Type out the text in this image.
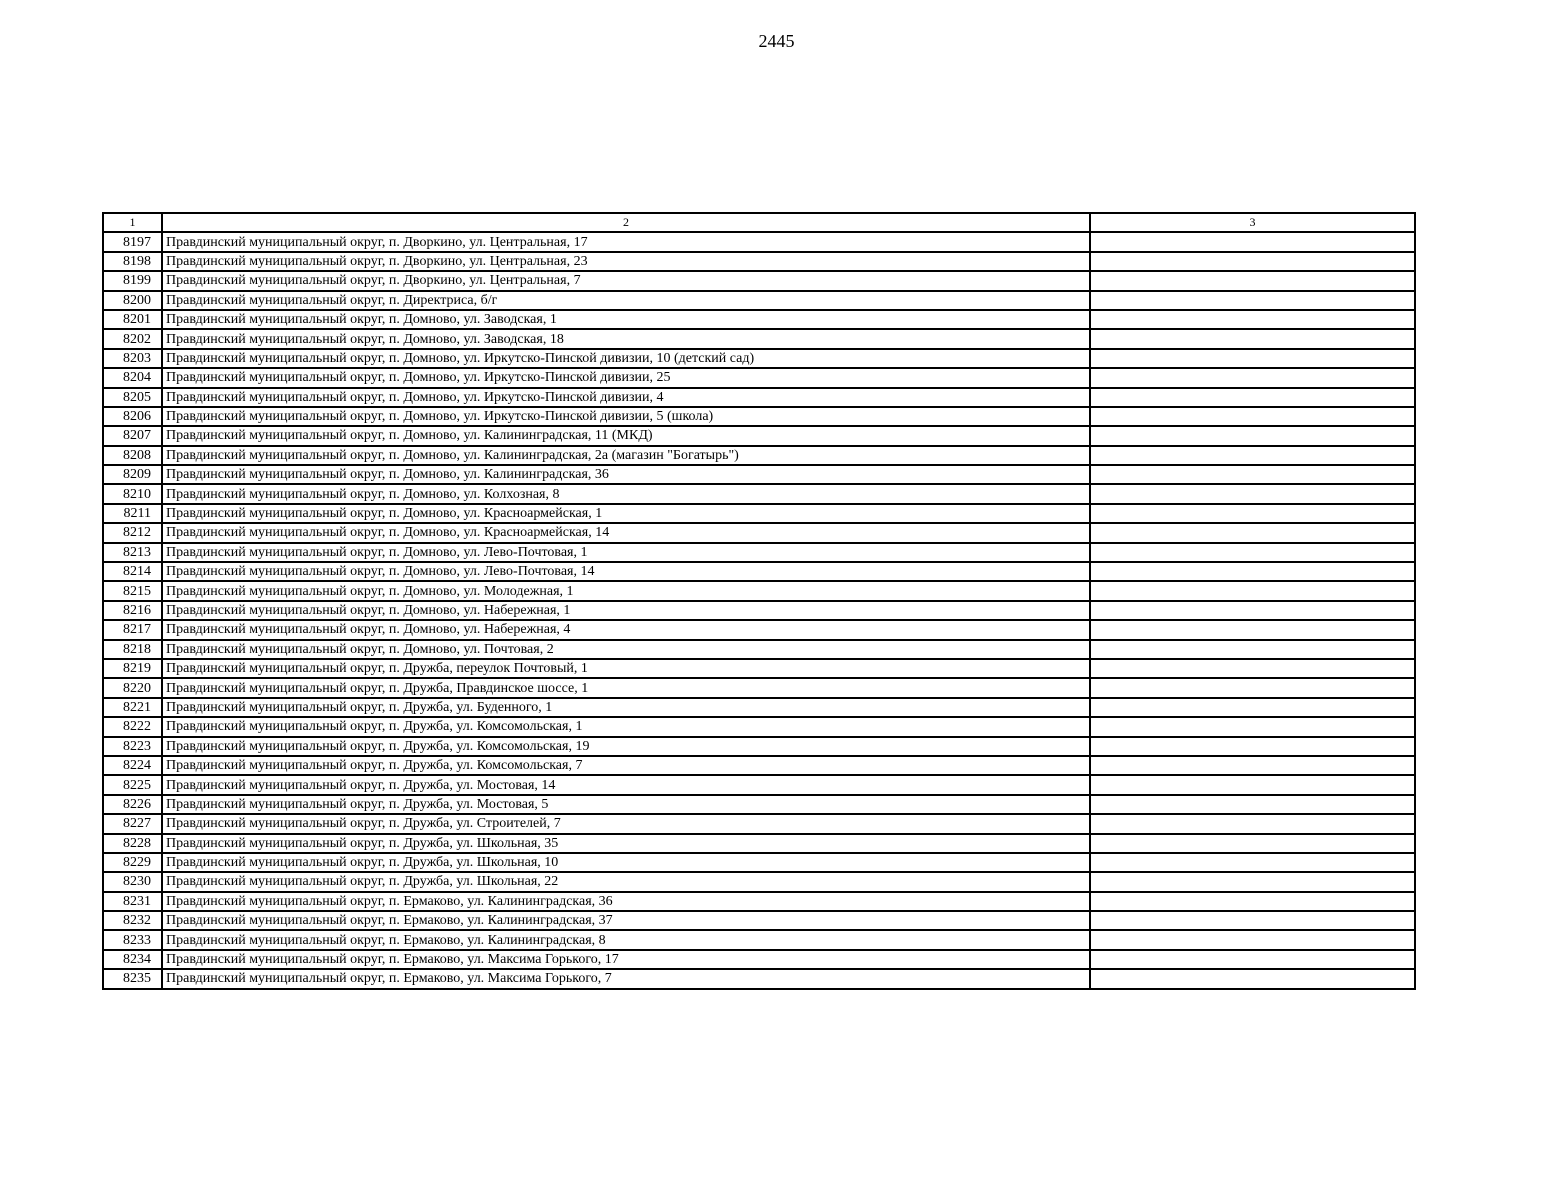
2445
1	2	3
8197	Правдинский муниципальный округ, п. Дворкино, ул. Центральная, 17	
8198	Правдинский муниципальный округ, п. Дворкино, ул. Центральная, 23	
8199	Правдинский муниципальный округ, п. Дворкино, ул. Центральная, 7	
8200	Правдинский муниципальный округ, п. Директриса, б/г	
8201	Правдинский муниципальный округ, п. Домново, ул. Заводская, 1	
8202	Правдинский муниципальный округ, п. Домново, ул. Заводская, 18	
8203	Правдинский муниципальный округ, п. Домново, ул. Иркутско-Пинской дивизии, 10 (детский сад)	
8204	Правдинский муниципальный округ, п. Домново, ул. Иркутско-Пинской дивизии, 25	
8205	Правдинский муниципальный округ, п. Домново, ул. Иркутско-Пинской дивизии, 4	
8206	Правдинский муниципальный округ, п. Домново, ул. Иркутско-Пинской дивизии, 5 (школа)	
8207	Правдинский муниципальный округ, п. Домново, ул. Калининградская, 11 (МКД)	
8208	Правдинский муниципальный округ, п. Домново, ул. Калининградская, 2а (магазин "Богатырь")	
8209	Правдинский муниципальный округ, п. Домново, ул. Калининградская, 36	
8210	Правдинский муниципальный округ, п. Домново, ул. Колхозная, 8	
8211	Правдинский муниципальный округ, п. Домново, ул. Красноармейская, 1	
8212	Правдинский муниципальный округ, п. Домново, ул. Красноармейская, 14	
8213	Правдинский муниципальный округ, п. Домново, ул. Лево-Почтовая, 1	
8214	Правдинский муниципальный округ, п. Домново, ул. Лево-Почтовая, 14	
8215	Правдинский муниципальный округ, п. Домново, ул. Молодежная, 1	
8216	Правдинский муниципальный округ, п. Домново, ул. Набережная, 1	
8217	Правдинский муниципальный округ, п. Домново, ул. Набережная, 4	
8218	Правдинский муниципальный округ, п. Домново, ул. Почтовая, 2	
8219	Правдинский муниципальный округ, п. Дружба, переулок Почтовый, 1	
8220	Правдинский муниципальный округ, п. Дружба, Правдинское шоссе, 1	
8221	Правдинский муниципальный округ, п. Дружба, ул. Буденного, 1	
8222	Правдинский муниципальный округ, п. Дружба, ул. Комсомольская, 1	
8223	Правдинский муниципальный округ, п. Дружба, ул. Комсомольская, 19	
8224	Правдинский муниципальный округ, п. Дружба, ул. Комсомольская, 7	
8225	Правдинский муниципальный округ, п. Дружба, ул. Мостовая, 14	
8226	Правдинский муниципальный округ, п. Дружба, ул. Мостовая, 5	
8227	Правдинский муниципальный округ, п. Дружба, ул. Строителей, 7	
8228	Правдинский муниципальный округ, п. Дружба, ул. Школьная, 35	
8229	Правдинский муниципальный округ, п. Дружба, ул. Школьная, 10	
8230	Правдинский муниципальный округ, п. Дружба, ул. Школьная, 22	
8231	Правдинский муниципальный округ, п. Ермаково, ул. Калининградская, 36	
8232	Правдинский муниципальный округ, п. Ермаково, ул. Калининградская, 37	
8233	Правдинский муниципальный округ, п. Ермаково, ул. Калининградская, 8	
8234	Правдинский муниципальный округ, п. Ермаково, ул. Максима Горького, 17	
8235	Правдинский муниципальный округ, п. Ермаково, ул. Максима Горького, 7	
